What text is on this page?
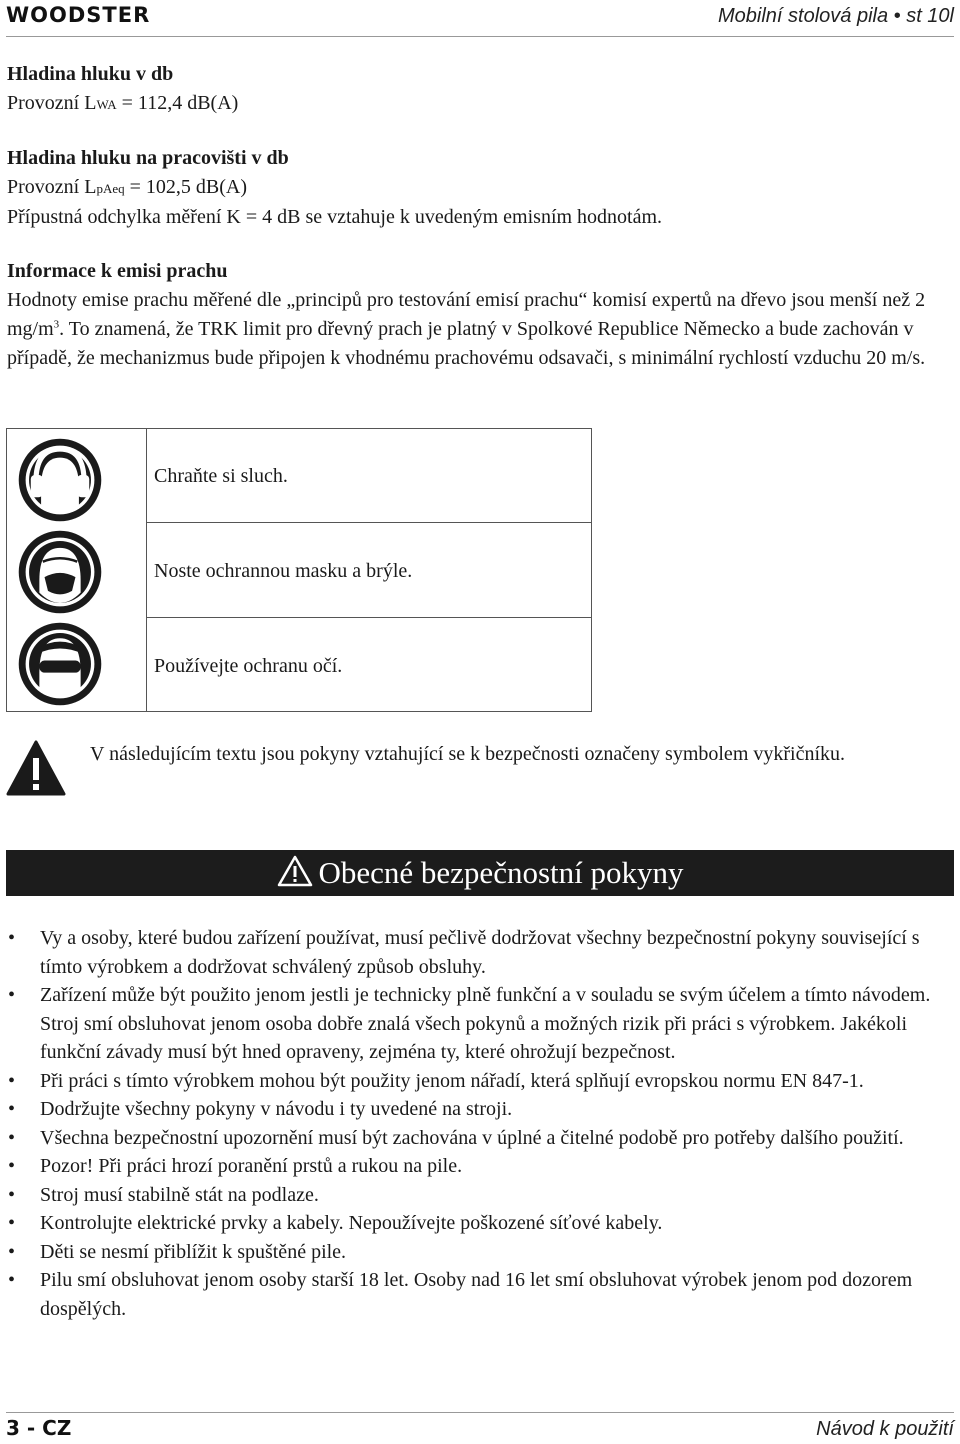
WOODSTER	Mobilní stolová pila • st 10l
Hladina hluku v db
Provozní LWA = 112,4 dB(A)
Hladina hluku na pracovišti v db
Provozní LpAeq = 102,5 dB(A)
Přípustná odchylka měření K = 4 dB se vztahuje k uvedeným emisním hodnotám.
Informace k emisi prachu
Hodnoty emise prachu měřené dle „principů pro testování emisí prachu“ komisí expertů na dřevo jsou menší než 2 $mg/m^3$. To znamená, že TRK limit pro dřevný prach je platný v Spolkové Republice Německo a bude zachován v případě, že mechanizmus bude připojen k vhodnému prachovému odsavači, s minimální rychlostí vzduchu 20 m/s.
Chraňte si sluch.
Noste ochrannou masku a brýle.
Používejte ochranu očí.
V následujícím textu jsou pokyny vztahující se k bezpečnosti označeny symbolem vykřičníku.
Obecné bezpečnostní pokyny
• Vy a osoby, které budou zařízení používat, musí pečlivě dodržovat všechny bezpečnostní pokyny související s tímto výrobkem a dodržovat schválený způsob obsluhy.
• Zařízení může být použito jenom jestli je technicky plně funkční a v souladu se svým účelem a tímto návodem. Stroj smí obsluhovat jenom osoba dobře znalá všech pokynů a možných rizik při práci s výrobkem. Jakékoli funkční závady musí být hned opraveny, zejména ty, které ohrožují bezpečnost.
• Při práci s tímto výrobkem mohou být použity jenom nářadí, která splňují evropskou normu EN 847-1.
• Dodržujte všechny pokyny v návodu i ty uvedené na stroji.
• Všechna bezpečnostní upozornění musí být zachována v úplné a čitelné podobě pro potřeby dalšího použití.
• Pozor! Při práci hrozí poranění prstů a rukou na pile.
• Stroj musí stabilně stát na podlaze.
• Kontrolujte elektrické prvky a kabely. Nepoužívejte poškozené síťové kabely.
• Děti se nesmí přiblížit k spuštěné pile.
• Pilu smí obsluhovat jenom osoby starší 18 let. Osoby nad 16 let smí obsluhovat výrobek jenom pod dozorem dospělých.
3 - CZ	Návod k použití
